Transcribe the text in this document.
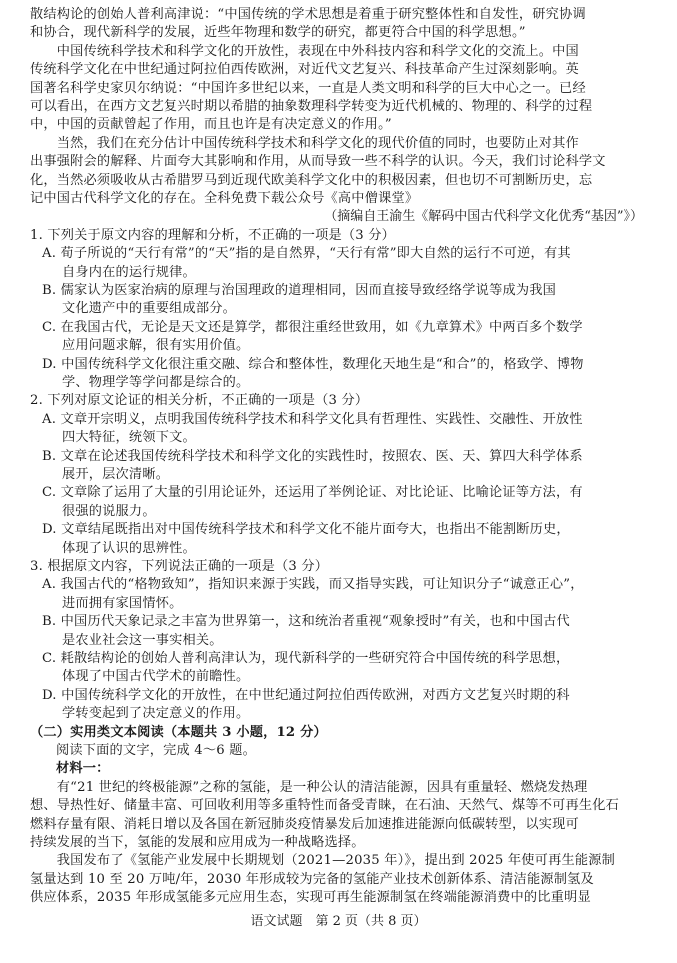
散结构论的创始人普利高津说：“中国传统的学术思想是着重于研究整体性和自发性，研究协调
和协合，现代新科学的发展，近些年物理和数学的研究，都更符合中国的科学思想。”
　　中国传统科学技术和科学文化的开放性，表现在中外科技内容和科学文化的交流上。中国
传统科学文化在中世纪通过阿拉伯西传欧洲，对近代文艺复兴、科技革命产生过深刻影响。英
国著名科学史家贝尔纳说：“中国许多世纪以来，一直是人类文明和科学的巨大中心之一。已经
可以看出，在西方文艺复兴时期以希腊的抽象数理科学转变为近代机械的、物理的、科学的过程
中，中国的贡献曾起了作用，而且也许是有决定意义的作用。”
　　当然，我们在充分估计中国传统科学技术和科学文化的现代价值的同时，也要防止对其作
出事强附会的解释、片面夸大其影响和作用，从而导致一些不科学的认识。今天，我们讨论科学文
化，当然必须吸收从古希腊罗马到近现代欧美科学文化中的积极因素，但也切不可割断历史，忘
记中国古代科学文化的存在。全科免费下载公众号《高中僧课堂》
（摘编自王渝生《解码中国古代科学文化优秀“基因”》）
1. 下列关于原文内容的理解和分析，不正确的一项是（3 分）
A. 荀子所说的“天行有常”的“天”指的是自然界，“天行有常”即大自然的运行不可逆，有其
自身内在的运行规律。
B. 儒家认为医家治病的原理与治国理政的道理相同，因而直接导致经络学说等成为我国
文化遗产中的重要组成部分。
C. 在我国古代，无论是天文还是算学，都很注重经世致用，如《九章算术》中两百多个数学
应用问题求解，很有实用价值。
D. 中国传统科学文化很注重交融、综合和整体性，数理化天地生是“和合”的，格致学、博物
学、物理学等学问都是综合的。
2. 下列对原文论证的相关分析，不正确的一项是（3 分）
A. 文章开宗明义，点明我国传统科学技术和科学文化具有哲理性、实践性、交融性、开放性
四大特征，统领下文。
B. 文章在论述我国传统科学技术和科学文化的实践性时，按照农、医、天、算四大科学体系
展开，层次清晰。
C. 文章除了运用了大量的引用论证外，还运用了举例论证、对比论证、比喻论证等方法，有
很强的说服力。
D. 文章结尾既指出对中国传统科学技术和科学文化不能片面夸大，也指出不能割断历史，
体现了认识的思辨性。
3. 根据原文内容，下列说法正确的一项是（3 分）
A. 我国古代的“格物致知”，指知识来源于实践，而又指导实践，可让知识分子“诚意正心”，
进而拥有家国情怀。
B. 中国历代天象记录之丰富为世界第一，这和统治者重视“观象授时”有关，也和中国古代
是农业社会这一事实相关。
C. 耗散结构论的创始人普利高津认为，现代新科学的一些研究符合中国传统的科学思想，
体现了中国古代学术的前瞻性。
D. 中国传统科学文化的开放性，在中世纪通过阿拉伯西传欧洲，对西方文艺复兴时期的科
学转变起到了决定意义的作用。
（二）实用类文本阅读（本题共 3 小题，12 分）
阅读下面的文字，完成 4～6 题。
材料一：
　　有“21 世纪的终极能源”之称的氢能，是一种公认的清洁能源，因具有重量轻、燃烧发热理
想、导热性好、储量丰富、可回收利用等多重特性而备受青睐，在石油、天然气、煤等不可再生化石
燃料存量有限、消耗日增以及各国在新冠肺炎疫情暴发后加速推进能源向低碳转型，以实现可
持续发展的当下，氢能的发展和应用成为一种战略选择。
　　我国发布了《氢能产业发展中长期规划（2021—2035 年）》，提出到 2025 年使可再生能源制
氢量达到 10 至 20 万吨/年，2030 年形成较为完备的氢能产业技术创新体系、清洁能源制氢及
供应体系，2035 年形成氢能多元应用生态，实现可再生能源制氢在终端能源消费中的比重明显
语文试题　第 2 页（共 8 页）
